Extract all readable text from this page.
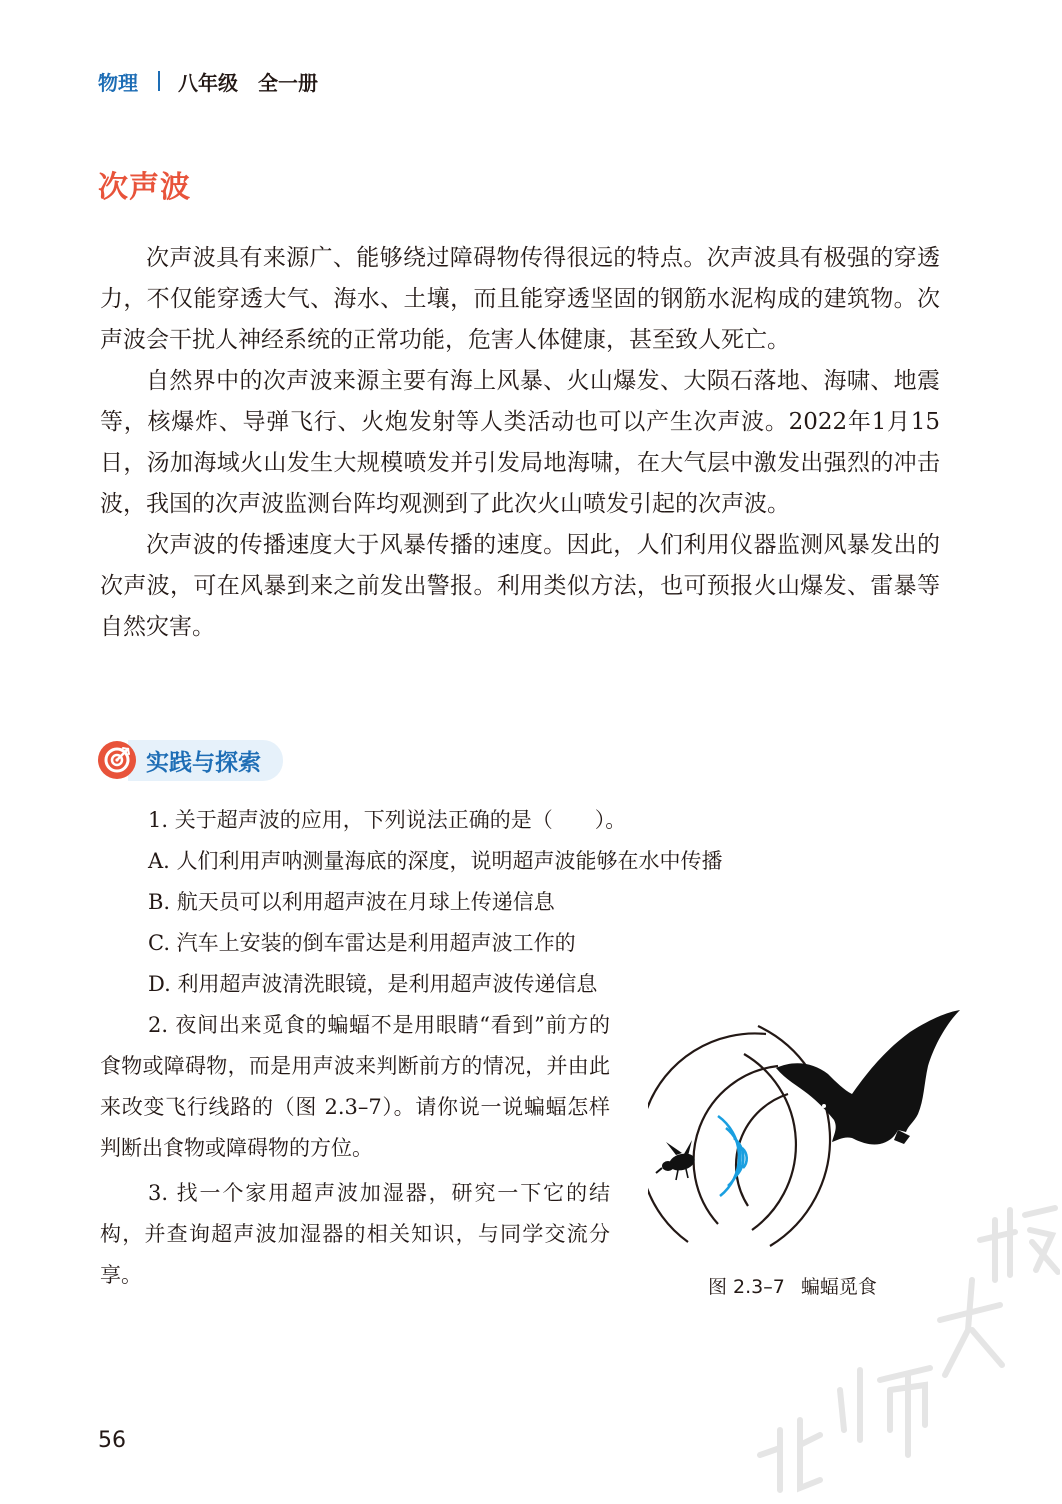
物理 八年级 全一册
次声波

次声波具有来源广、能够绕过障碍物传得很远的特点。次声波具有极强的穿透力，不仅能穿透大气、海水、土壤，而且能穿透坚固的钢筋水泥构成的建筑物。次声波会干扰人神经系统的正常功能，危害人体健康，甚至致人死亡。

自然界中的次声波来源主要有海上风暴、火山爆发、大陨石落地、海啸、地震等，核爆炸、导弹飞行、火炮发射等人类活动也可以产生次声波。2022年1月15日，汤加海域火山发生大规模喷发并引发局地海啸，在大气层中激发出强烈的冲击波，我国的次声波监测台阵均观测到了此次火山喷发引起的次声波。

次声波的传播速度大于风暴传播的速度。因此，人们利用仪器监测风暴发出的次声波，可在风暴到来之前发出警报。利用类似方法，也可预报火山爆发、雷暴等自然灾害。

实践与探索
1. 关于超声波的应用，下列说法正确的是（　　）。
A. 人们利用声呐测量海底的深度，说明超声波能够在水中传播
B. 航天员可以利用超声波在月球上传递信息
C. 汽车上安装的倒车雷达是利用超声波工作的
D. 利用超声波清洗眼镜，是利用超声波传递信息
2. 夜间出来觅食的蝙蝠不是用眼睛“看到”前方的食物或障碍物，而是用声波来判断前方的情况，并由此来改变飞行线路的（图 2.3–7）。请你说一说蝙蝠怎样判断出食物或障碍物的方位。
3. 找一个家用超声波加湿器，研究一下它的结构，并查询超声波加湿器的相关知识，与同学交流分享。	图 2.3–7 蝙蝠觅食
56
